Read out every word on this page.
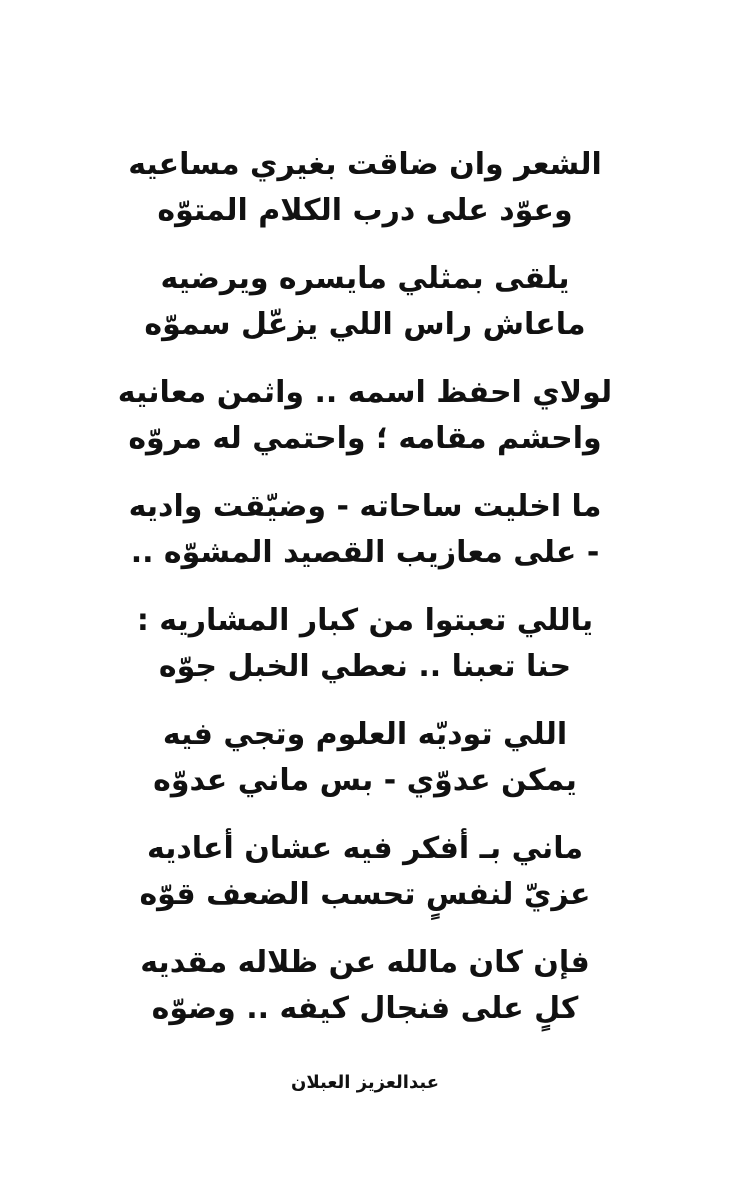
الشعر وان ضاقت بغيري مساعيه
وعوّد على درب الكلام المتوّه
يلقى بمثلي مايسره ويرضيه
ماعاش راس اللي يزعّل سموّه
لولاي احفظ اسمه .. واثمن معانيه
واحشم مقامه ؛ واحتمي له مروّه
ما اخليت ساحاته - وضيّقت واديه
- على معازيب القصيد المشوّه ..
ياللي تعبتوا من كبار المشاريه :
حنا تعبنا .. نعطي الخبل جوّه
اللي توديّه العلوم وتجي فيه
يمكن عدوّي - بس ماني عدوّه
ماني بـ أفكر فيه عشان أعاديه
عزيّ لنفسٍ تحسب الضعف قوّه
فإن كان مالله عن ظلاله مقديه
كلٍ على فنجال كيفه .. وضوّه
عبدالعزيز العبلان
